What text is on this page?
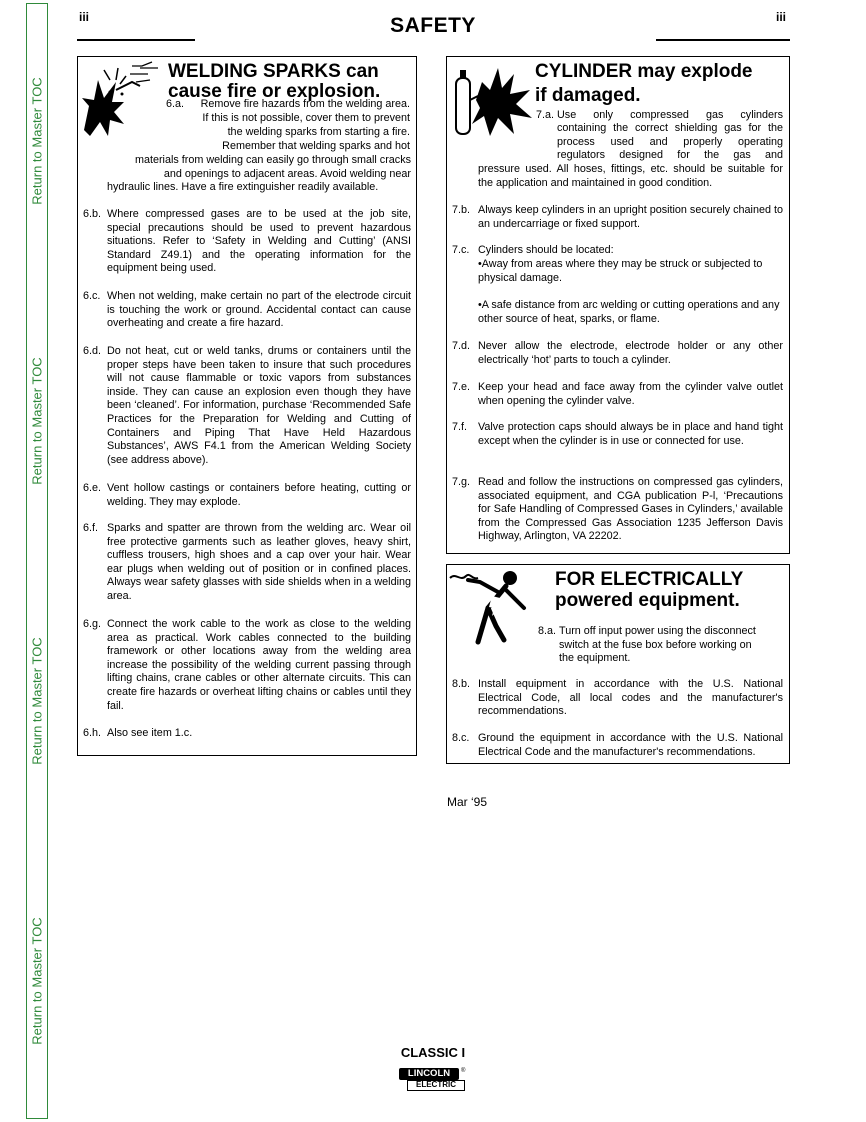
Return to Master TOC
Return to Master TOC
Return to Master TOC
Return to Master TOC
iii	SAFETY	iii
WELDING SPARKS can
cause fire or explosion.
6.a.	Remove fire hazards from the welding area.
If this is not possible, cover them to prevent
the welding sparks from starting a fire.
Remember that welding sparks and hot
materials from welding can easily go through small cracks
and openings to adjacent areas. Avoid welding near
hydraulic lines. Have a fire extinguisher readily available.
6.b. Where compressed gases are to be used at the job site, special precautions should be used to prevent hazardous situations. Refer to ‘Safety in Welding and Cutting’ (ANSI Standard Z49.1) and the operating information for the equipment being used.
6.c. When not welding, make certain no part of the electrode circuit is touching the work or ground. Accidental contact can cause overheating and create a fire hazard.
6.d. Do not heat, cut or weld tanks, drums or containers until the proper steps have been taken to insure that such procedures will not cause flammable or toxic vapors from substances inside. They can cause an explosion even though they have been ‘cleaned’. For information, purchase ‘Recommended Safe Practices for the Preparation for Welding and Cutting of Containers and Piping That Have Held Hazardous Substances’, AWS F4.1 from the American Welding Society (see address above).
6.e. Vent hollow castings or containers before heating, cutting or welding. They may explode.
6.f. Sparks and spatter are thrown from the welding arc. Wear oil free protective garments such as leather gloves, heavy shirt, cuffless trousers, high shoes and a cap over your hair. Wear ear plugs when welding out of position or in confined places. Always wear safety glasses with side shields when in a welding area.
6.g. Connect the work cable to the work as close to the welding area as practical. Work cables connected to the building framework or other locations away from the welding area increase the possibility of the welding current passing through lifting chains, crane cables or other alternate circuits. This can create fire hazards or overheat lifting chains or cables until they fail.
6.h. Also see item 1.c.
CYLINDER may explode
if damaged.
7.a. Use only compressed gas cylinders
containing the correct shielding gas for the
process used and properly operating
regulators designed for the gas and
pressure used. All hoses, fittings, etc. should be suitable for
the application and maintained in good condition.
7.b. Always keep cylinders in an upright position securely chained to an undercarriage or fixed support.
7.c. Cylinders should be located:
•Away from areas where they may be struck or subjected to physical damage.
•A safe distance from arc welding or cutting operations and any other source of heat, sparks, or flame.
7.d. Never allow the electrode, electrode holder or any other electrically ‘hot’ parts to touch a cylinder.
7.e. Keep your head and face away from the cylinder valve outlet when opening the cylinder valve.
7.f. Valve protection caps should always be in place and hand tight except when the cylinder is in use or connected for use.
7.g. Read and follow the instructions on compressed gas cylinders, associated equipment, and CGA publication P-l, ‘Precautions for Safe Handling of Compressed Gases in Cylinders,’ available from the Compressed Gas Association 1235 Jefferson Davis Highway, Arlington, VA 22202.
FOR ELECTRICALLY
powered equipment.
8.a. Turn off input power using the disconnect
switch at the fuse box before working on
the equipment.
8.b. Install equipment in accordance with the U.S. National Electrical Code, all local codes and the manufacturer's recommendations.
8.c. Ground the equipment in accordance with the U.S. National Electrical Code and the manufacturer's recommendations.
Mar ‘95
CLASSIC I
LINCOLN
ELECTRIC
®
